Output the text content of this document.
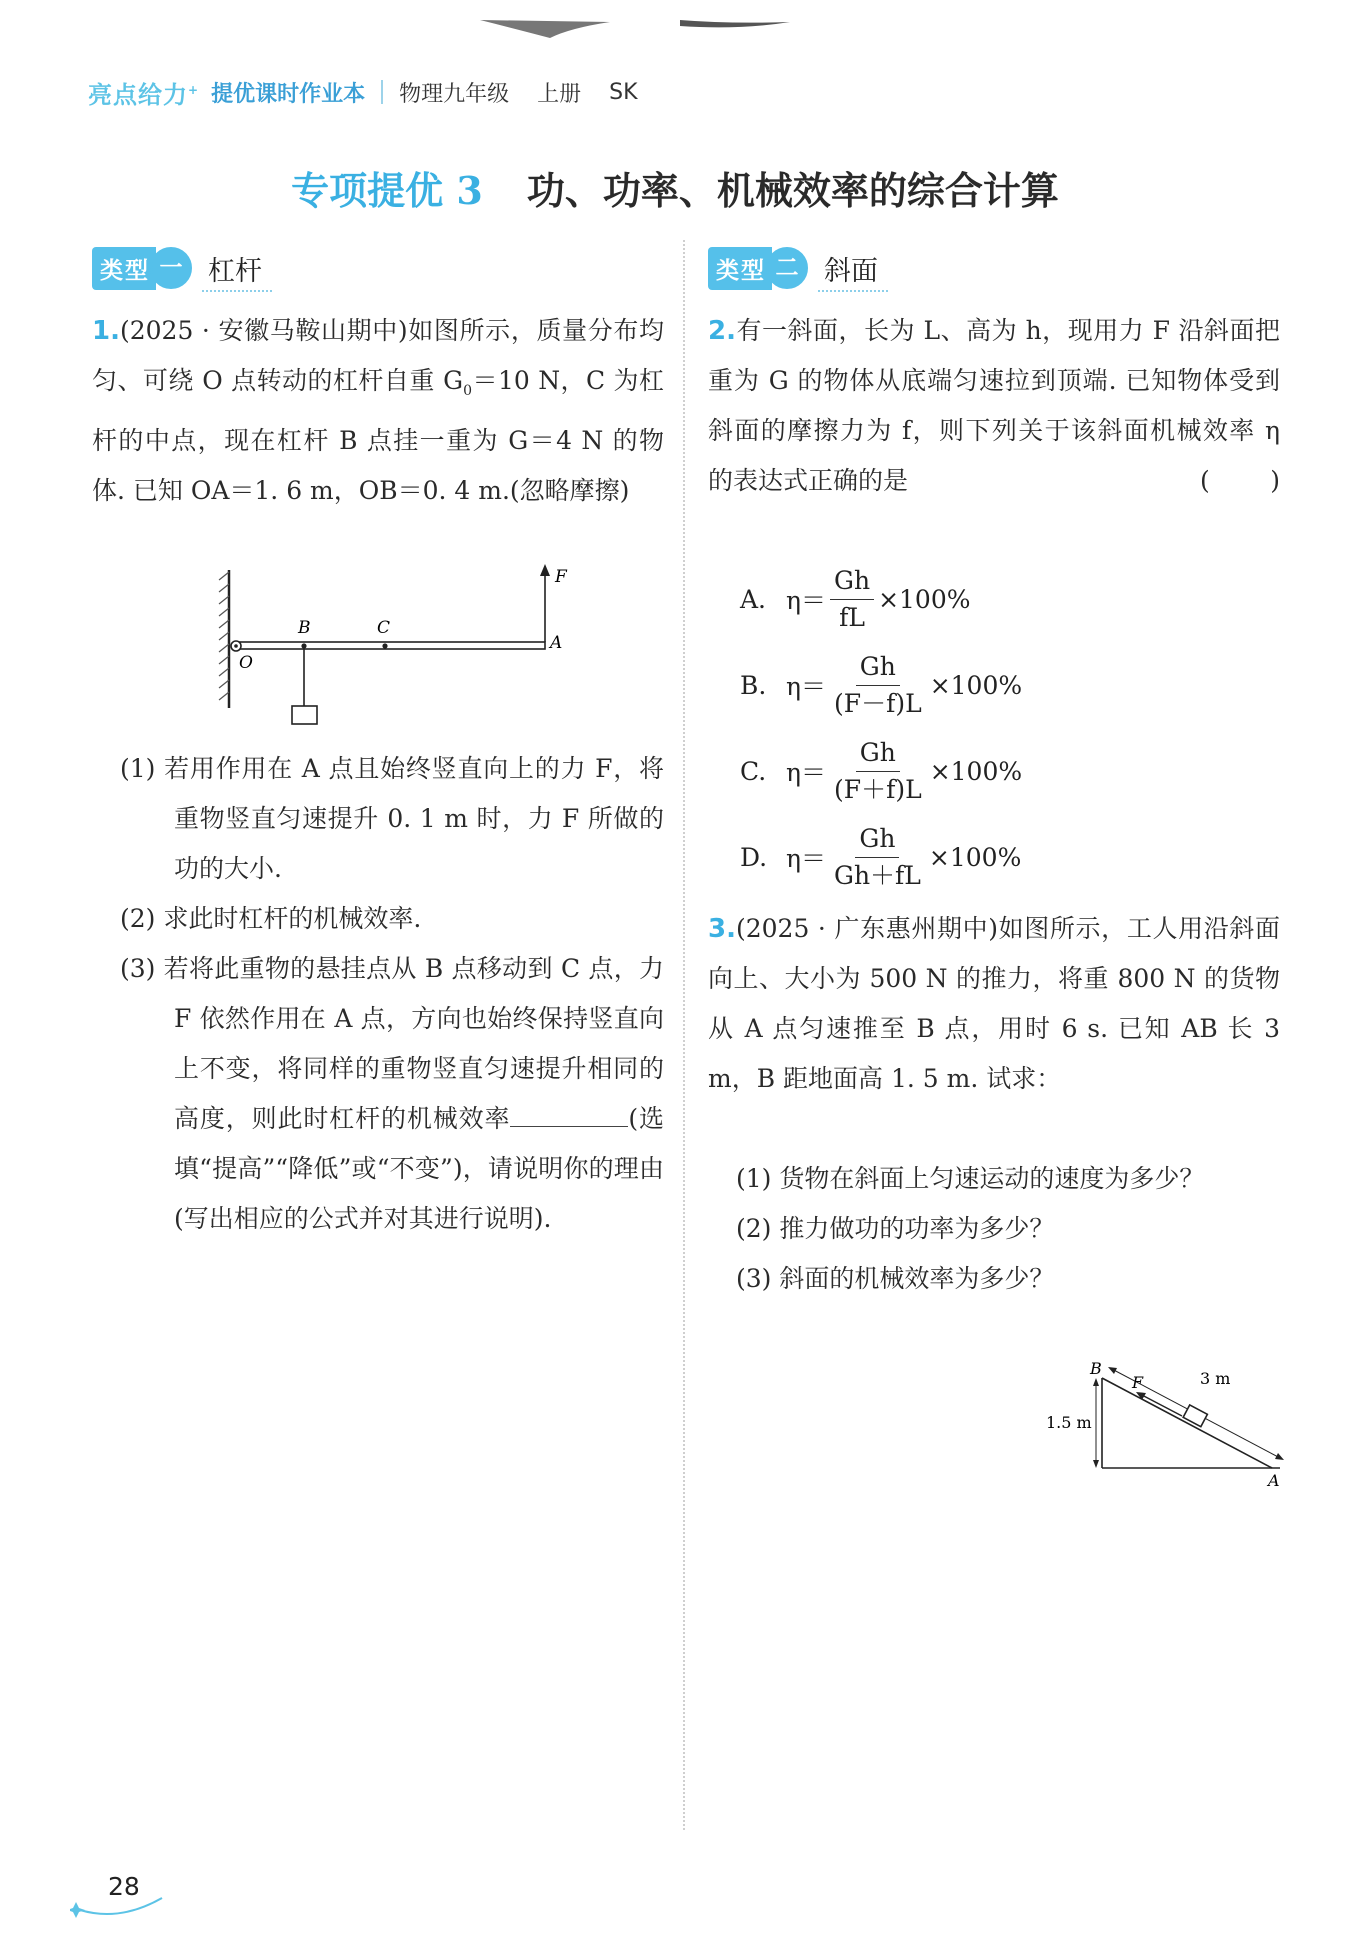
亮点给力+ 提优课时作业本 物理九年级 上册 SK
专项提优 3 功、功率、机械效率的综合计算
类型 一 杠杆	类型 二 斜面
1.(2025 · 安徽马鞍山期中)如图所示，质量分布均匀、可绕 O 点转动的杠杆自重 $G_0=10$ N，C 为杠杆的中点，现在杠杆 B 点挂一重为 G＝4 N 的物体. 已知 OA＝1. 6 m，OB＝0. 4 m.(忽略摩擦)
O
B	C
A
F
(1) 若用作用在 A 点且始终竖直向上的力 F，将重物竖直匀速提升 0. 1 m 时，力 F 所做的功的大小.
(2) 求此时杠杆的机械效率.
(3) 若将此重物的悬挂点从 B 点移动到 C 点，力 F 依然作用在 A 点，方向也始终保持竖直向上不变，将同样的重物竖直匀速提升相同的高度，则此时杠杆的机械效率	(选填“提高”“降低”或“不变”)，请说明你的理由(写出相应的公式并对其进行说明).
2.有一斜面，长为 L、高为 h，现用力 F 沿斜面把重为 G 的物体从底端匀速拉到顶端. 已知物体受到斜面的摩擦力为 f，则下列关于该斜面机械效率 η 的表达式正确的是	( )
A. $\eta= \frac{Gh}{fL} \times 100\%$
B. $\eta= \frac{Gh}{(F-f)L} \times 100\%$
C. $\eta= \frac{Gh}{(F+f)L} \times 100\%$
D. $\eta= \frac{Gh}{Gh+fL} \times 100\%$
3.(2025 · 广东惠州期中)如图所示，工人用沿斜面向上、大小为 500 N 的推力，将重 800 N 的货物从 A 点匀速推至 B 点，用时 6 s. 已知 AB 长 3 m，B 距地面高 1. 5 m. 试求：
(1) 货物在斜面上匀速运动的速度为多少？
(2) 推力做功的功率为多少？
(3) 斜面的机械效率为多少？
B
A
F	3 m
1.5 m
28
